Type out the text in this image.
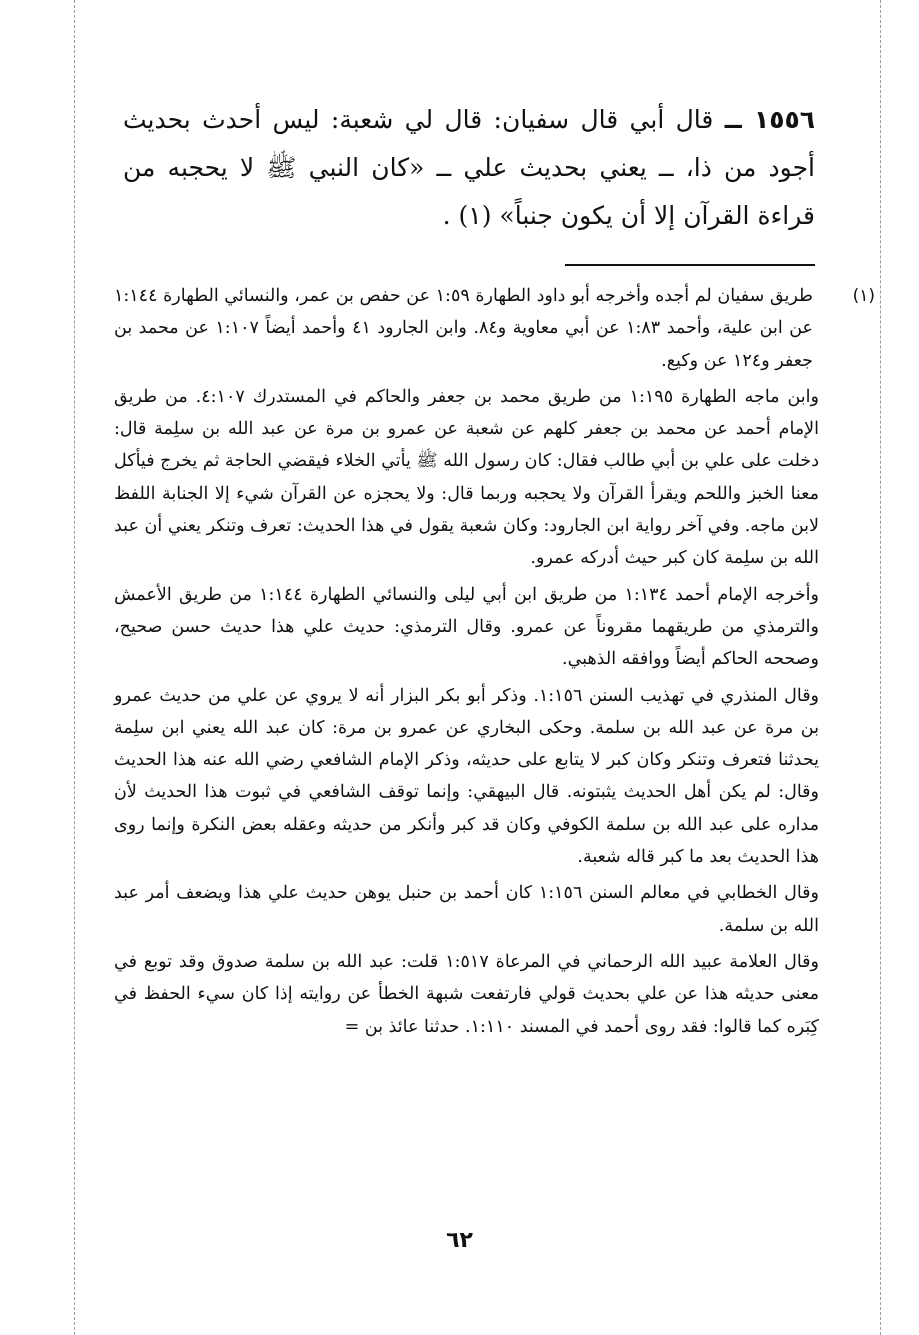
١٥٥٦ ــ قال أبي قال سفيان: قال لي شعبة: ليس أحدث بحديث أجود من ذا، ــ يعني بحديث علي ــ «كان النبي ﷺ لا يحجبه من قراءة القرآن إلا أن يكون جنباً» (١) .

(١)
طريق سفيان لم أجده وأخرجه أبو داود الطهارة ١:٥٩ عن حفص بن عمر، والنسائي الطهارة ١:١٤٤ عن ابن علية، وأحمد ١:٨٣ عن أبي معاوية و٨٤. وابن الجارود ٤١ وأحمد أيضاً ١:١٠٧ عن محمد بن جعفر و١٢٤ عن وكيع.

وابن ماجه الطهارة ١:١٩٥ من طريق محمد بن جعفر والحاكم في المستدرك ٤:١٠٧. من طريق الإمام أحمد عن محمد بن جعفر كلهم عن شعبة عن عمرو بن مرة عن عبد الله بن سلِمة قال: دخلت على علي بن أبي طالب فقال: كان رسول الله ﷺ يأتي الخلاء فيقضي الحاجة ثم يخرج فيأكل معنا الخبز واللحم ويقرأ القرآن ولا يحجبه وربما قال: ولا يحجزه عن القرآن شيء إلا الجنابة اللفظ لابن ماجه. وفي آخر رواية ابن الجارود: وكان شعبة يقول في هذا الحديث: تعرف وتنكر يعني أن عبد الله بن سلِمة كان كبر حيث أدركه عمرو.

وأخرجه الإمام أحمد ١:١٣٤ من طريق ابن أبي ليلى والنسائي الطهارة ١:١٤٤ من طريق الأعمش والترمذي من طريقهما مقروناً عن عمرو. وقال الترمذي: حديث علي هذا حديث حسن صحيح، وصححه الحاكم أيضاً ووافقه الذهبي.

وقال المنذري في تهذيب السنن ١:١٥٦. وذكر أبو بكر البزار أنه لا يروي عن علي من حديث عمرو بن مرة عن عبد الله بن سلمة. وحكى البخاري عن عمرو بن مرة: كان عبد الله يعني ابن سلِمة يحدثنا فتعرف وتنكر وكان كبر لا يتابع على حديثه، وذكر الإمام الشافعي رضي الله عنه هذا الحديث وقال: لم يكن أهل الحديث يثبتونه. قال البيهقي: وإنما توقف الشافعي في ثبوت هذا الحديث لأن مداره على عبد الله بن سلمة الكوفي وكان قد كبر وأنكر من حديثه وعقله بعض النكرة وإنما روى هذا الحديث بعد ما كبر قاله شعبة.

وقال الخطابي في معالم السنن ١:١٥٦ كان أحمد بن حنبل يوهن حديث علي هذا ويضعف أمر عبد الله بن سلمة.

وقال العلامة عبيد الله الرحماني في المرعاة ١:٥١٧ قلت: عبد الله بن سلمة صدوق وقد توبع في معنى حديثه هذا عن علي بحديث قولي فارتفعت شبهة الخطأ عن روايته إذا كان سيء الحفظ في كِبَره كما قالوا: فقد روى أحمد في المسند ١:١١٠. حدثنا عائذ بن =

٦٢
